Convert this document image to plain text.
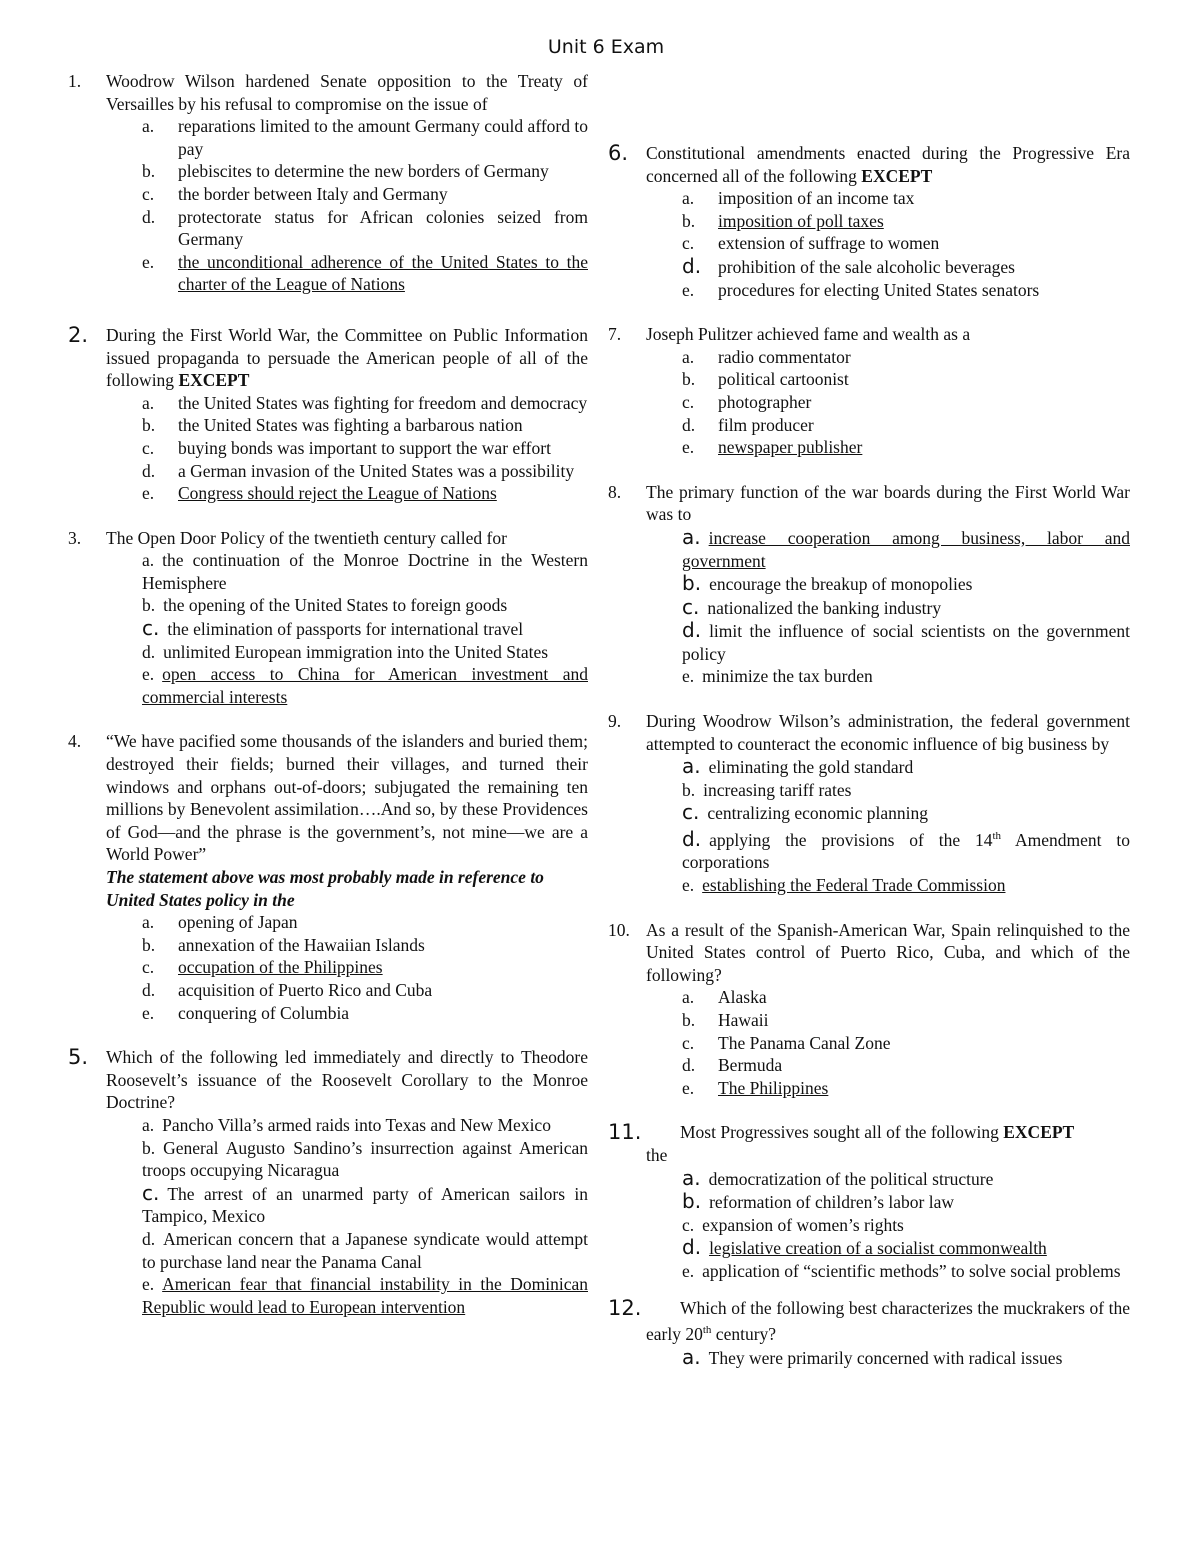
Unit 6 Exam
1.	Woodrow Wilson hardened Senate opposition to the Treaty of Versailles by his refusal to compromise on the issue of
a. reparations limited to the amount Germany could afford to pay
b. plebiscites to determine the new borders of Germany
c. the border between Italy and Germany
d. protectorate status for African colonies seized from Germany
e. the unconditional adherence of the United States to the charter of the League of Nations
2.	During the First World War, the Committee on Public Information issued propaganda to persuade the American people of all of the following EXCEPT
a. the United States was fighting for freedom and democracy
b. the United States was fighting a barbarous nation
c. buying bonds was important to support the war effort
d. a German invasion of the United States was a possibility
e. Congress should reject the League of Nations
3.	The Open Door Policy of the twentieth century called for
a. the continuation of the Monroe Doctrine in the Western Hemisphere
b. the opening of the United States to foreign goods
c. the elimination of passports for international travel
d. unlimited European immigration into the United States
e. open access to China for American investment and commercial interests
4.	“We have pacified some thousands of the islanders and buried them; destroyed their fields; burned their villages, and turned their windows and orphans out-of-doors; subjugated the remaining ten millions by Benevolent assimilation….And so, by these Providences of God—and the phrase is the government’s, not mine—we are a World Power”
The statement above was most probably made in reference to United States policy in the
a. opening of Japan
b. annexation of the Hawaiian Islands
c. occupation of the Philippines
d. acquisition of Puerto Rico and Cuba
e. conquering of Columbia
5.	Which of the following led immediately and directly to Theodore Roosevelt’s issuance of the Roosevelt Corollary to the Monroe Doctrine?
a. Pancho Villa’s armed raids into Texas and New Mexico
b. General Augusto Sandino’s insurrection against American troops occupying Nicaragua
c. The arrest of an unarmed party of American sailors in Tampico, Mexico
d. American concern that a Japanese syndicate would attempt to purchase land near the Panama Canal
e. American fear that financial instability in the Dominican Republic would lead to European intervention
6.	Constitutional amendments enacted during the Progressive Era concerned all of the following EXCEPT
a. imposition of an income tax
b. imposition of poll taxes
c. extension of suffrage to women
d. prohibition of the sale alcoholic beverages
e. procedures for electing United States senators
7.	Joseph Pulitzer achieved fame and wealth as a
a. radio commentator
b. political cartoonist
c. photographer
d. film producer
e. newspaper publisher
8.	The primary function of the war boards during the First World War was to
a. increase cooperation among business, labor and government
b. encourage the breakup of monopolies
c. nationalized the banking industry
d. limit the influence of social scientists on the government policy
e. minimize the tax burden
9.	During Woodrow Wilson’s administration, the federal government attempted to counteract the economic influence of big business by
a. eliminating the gold standard
b. increasing tariff rates
c. centralizing economic planning
d. applying the provisions of the 14th Amendment to corporations
e. establishing the Federal Trade Commission
10. As a result of the Spanish-American War, Spain relinquished to the United States control of Puerto Rico, Cuba, and which of the following?
a. Alaska
b. Hawaii
c. The Panama Canal Zone
d. Bermuda
e. The Philippines
11.	Most Progressives sought all of the following EXCEPT
the
a. democratization of the political structure
b. reformation of children’s labor law
c. expansion of women’s rights
d. legislative creation of a socialist commonwealth
e. application of “scientific methods” to solve social problems
12.	Which of the following best characterizes the muckrakers of the early 20th century?
a. They were primarily concerned with radical issues
